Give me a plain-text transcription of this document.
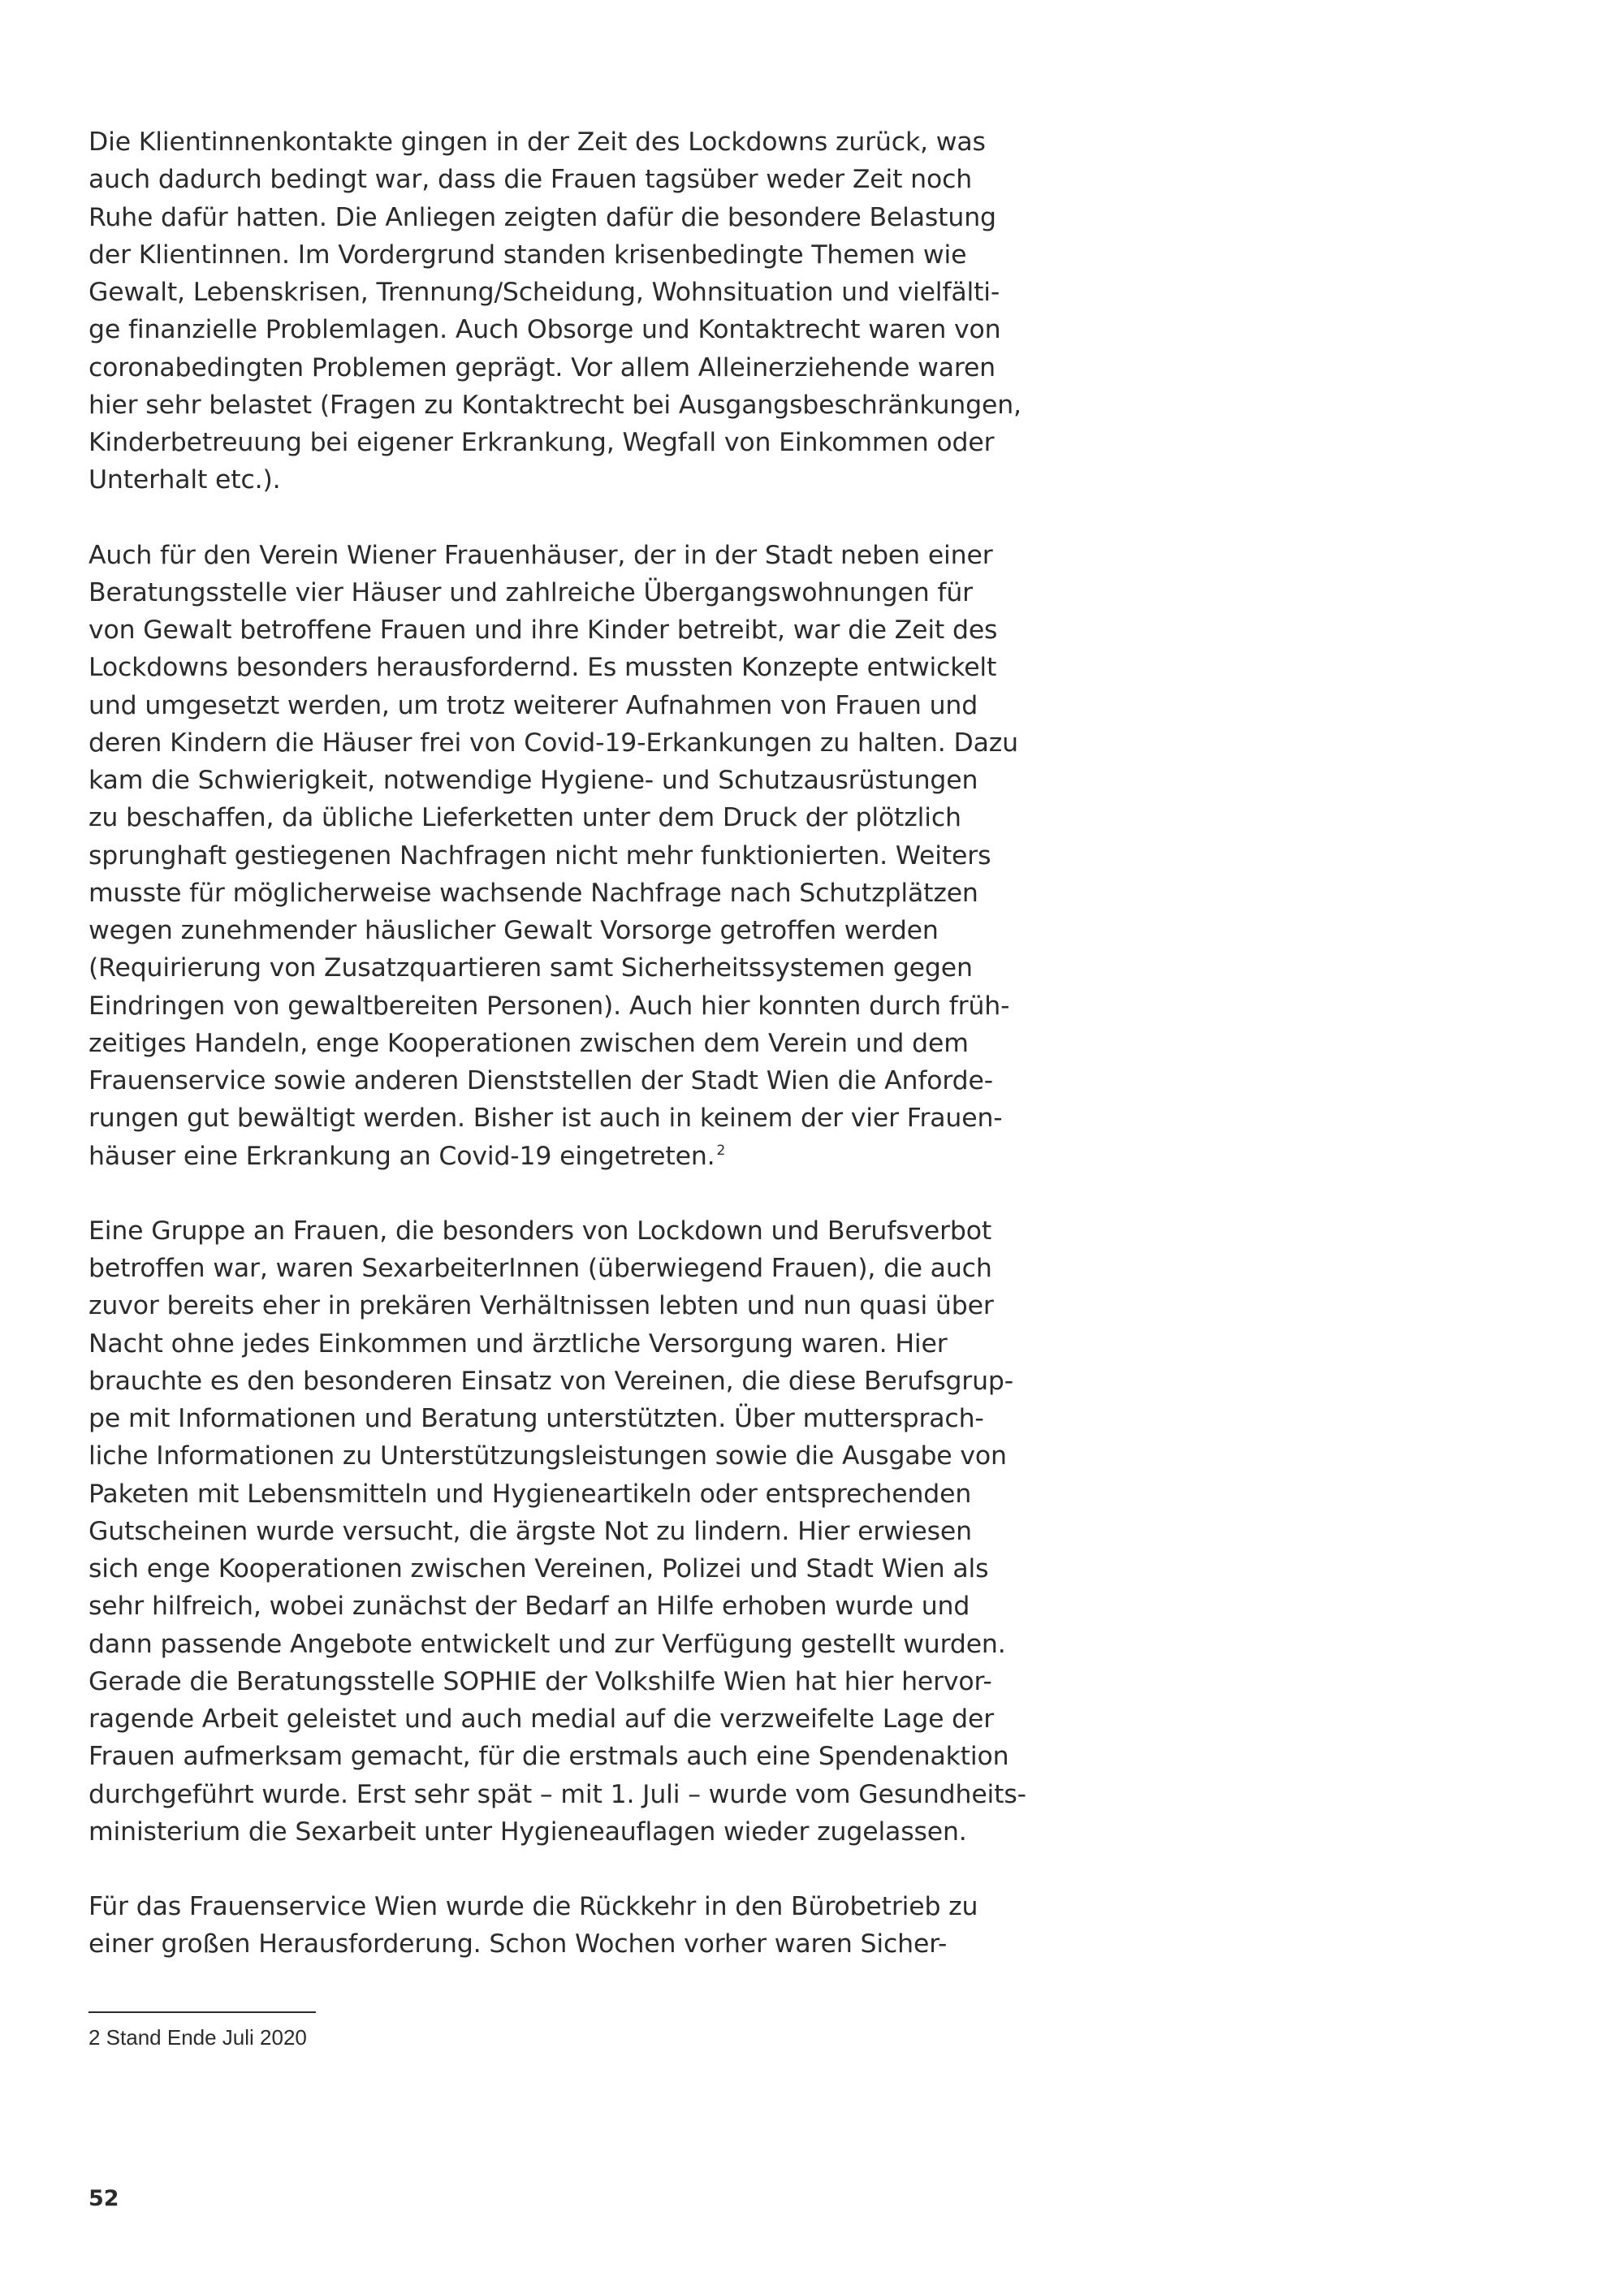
Die Klientinnenkontakte gingen in der Zeit des Lockdowns zurück, was
auch dadurch bedingt war, dass die Frauen tagsüber weder Zeit noch
Ruhe dafür hatten. Die Anliegen zeigten dafür die besondere Belastung
der Klientinnen. Im Vordergrund standen krisenbedingte Themen wie
Gewalt, Lebenskrisen, Trennung/Scheidung, Wohnsituation und vielfälti-
ge finanzielle Problemlagen. Auch Obsorge und Kontaktrecht waren von
coronabedingten Problemen geprägt. Vor allem Alleinerziehende waren
hier sehr belastet (Fragen zu Kontaktrecht bei Ausgangsbeschränkungen,
Kinderbetreuung bei eigener Erkrankung, Wegfall von Einkommen oder
Unterhalt etc.).

Auch für den Verein Wiener Frauenhäuser, der in der Stadt neben einer
Beratungsstelle vier Häuser und zahlreiche Übergangswohnungen für
von Gewalt betroffene Frauen und ihre Kinder betreibt, war die Zeit des
Lockdowns besonders herausfordernd. Es mussten Konzepte entwickelt
und umgesetzt werden, um trotz weiterer Aufnahmen von Frauen und
deren Kindern die Häuser frei von Covid-19-Erkankungen zu halten. Dazu
kam die Schwierigkeit, notwendige Hygiene- und Schutzausrüstungen
zu beschaffen, da übliche Lieferketten unter dem Druck der plötzlich
sprunghaft gestiegenen Nachfragen nicht mehr funktionierten. Weiters
musste für möglicherweise wachsende Nachfrage nach Schutzplätzen
wegen zunehmender häuslicher Gewalt Vorsorge getroffen werden
(Requirierung von Zusatzquartieren samt Sicherheitssystemen gegen
Eindringen von gewaltbereiten Personen). Auch hier konnten durch früh-
zeitiges Handeln, enge Kooperationen zwischen dem Verein und dem
Frauenservice sowie anderen Dienststellen der Stadt Wien die Anforde-
rungen gut bewältigt werden. Bisher ist auch in keinem der vier Frauen-
häuser eine Erkrankung an Covid-19 eingetreten. $^2$

Eine Gruppe an Frauen, die besonders von Lockdown und Berufsverbot
betroffen war, waren SexarbeiterInnen (überwiegend Frauen), die auch
zuvor bereits eher in prekären Verhältnissen lebten und nun quasi über
Nacht ohne jedes Einkommen und ärztliche Versorgung waren. Hier
brauchte es den besonderen Einsatz von Vereinen, die diese Berufsgrup-
pe mit Informationen und Beratung unterstützten. Über muttersprach-
liche Informationen zu Unterstützungsleistungen sowie die Ausgabe von
Paketen mit Lebensmitteln und Hygieneartikeln oder entsprechenden
Gutscheinen wurde versucht, die ärgste Not zu lindern. Hier erwiesen
sich enge Kooperationen zwischen Vereinen, Polizei und Stadt Wien als
sehr hilfreich, wobei zunächst der Bedarf an Hilfe erhoben wurde und
dann passende Angebote entwickelt und zur Verfügung gestellt wurden.
Gerade die Beratungsstelle SOPHIE der Volkshilfe Wien hat hier hervor-
ragende Arbeit geleistet und auch medial auf die verzweifelte Lage der
Frauen aufmerksam gemacht, für die erstmals auch eine Spendenaktion
durchgeführt wurde. Erst sehr spät – mit 1. Juli – wurde vom Gesundheits-
ministerium die Sexarbeit unter Hygieneauflagen wieder zugelassen.

Für das Frauenservice Wien wurde die Rückkehr in den Bürobetrieb zu
einer großen Herausforderung. Schon Wochen vorher waren Sicher-

2 Stand Ende Juli 2020
52
